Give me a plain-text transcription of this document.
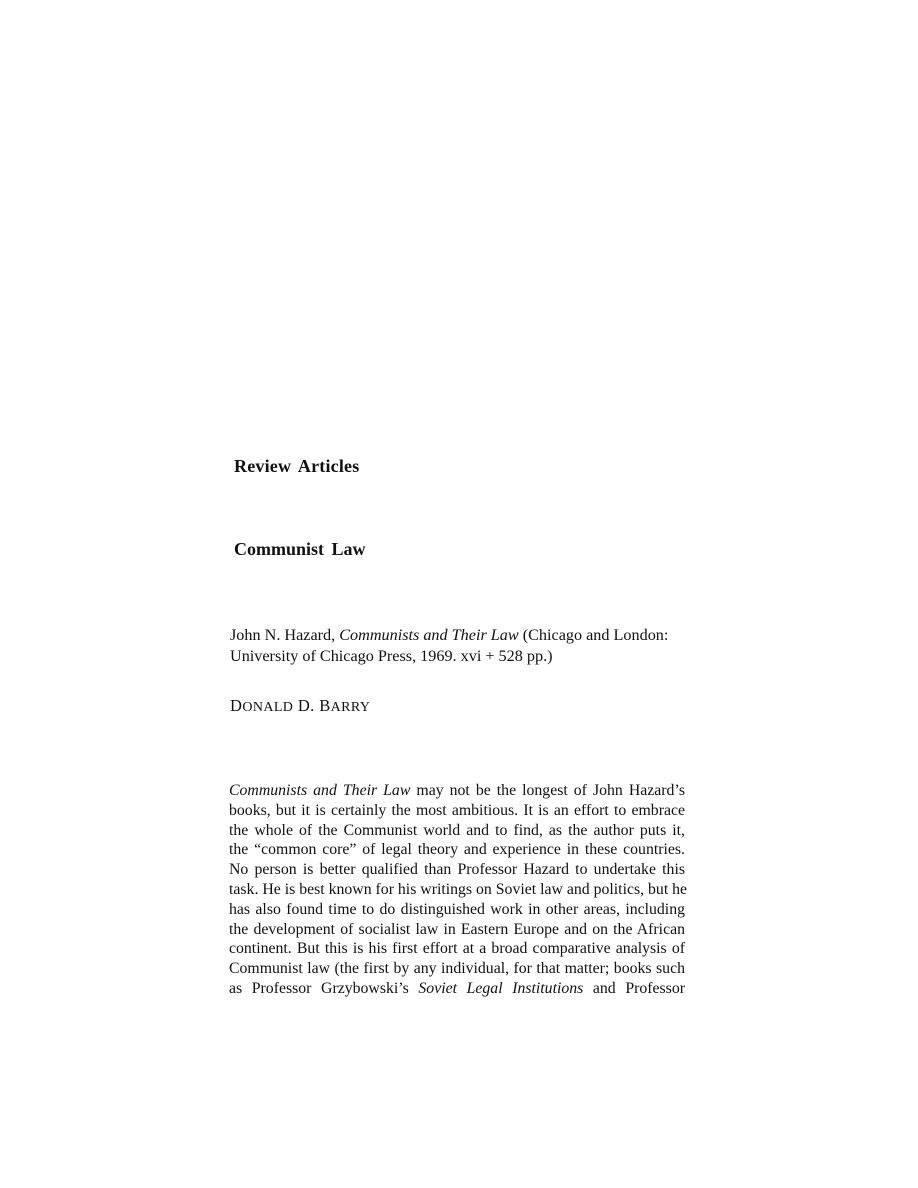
Review Articles
Communist Law

John N. Hazard, Communists and Their Law (Chicago and London:
University of Chicago Press, 1969. xvi + 528 pp.)

DONALD D. BARRY

Communists and Their Law may not be the longest of John Hazard’s
books, but it is certainly the most ambitious. It is an effort to embrace
the whole of the Communist world and to find, as the author puts it,
the “common core” of legal theory and experience in these countries.
No person is better qualified than Professor Hazard to undertake this
task. He is best known for his writings on Soviet law and politics, but he
has also found time to do distinguished work in other areas, including
the development of socialist law in Eastern Europe and on the African
continent. But this is his first effort at a broad comparative analysis of
Communist law (the first by any individual, for that matter; books such
as Professor Grzybowski’s Soviet Legal Institutions and Professor
